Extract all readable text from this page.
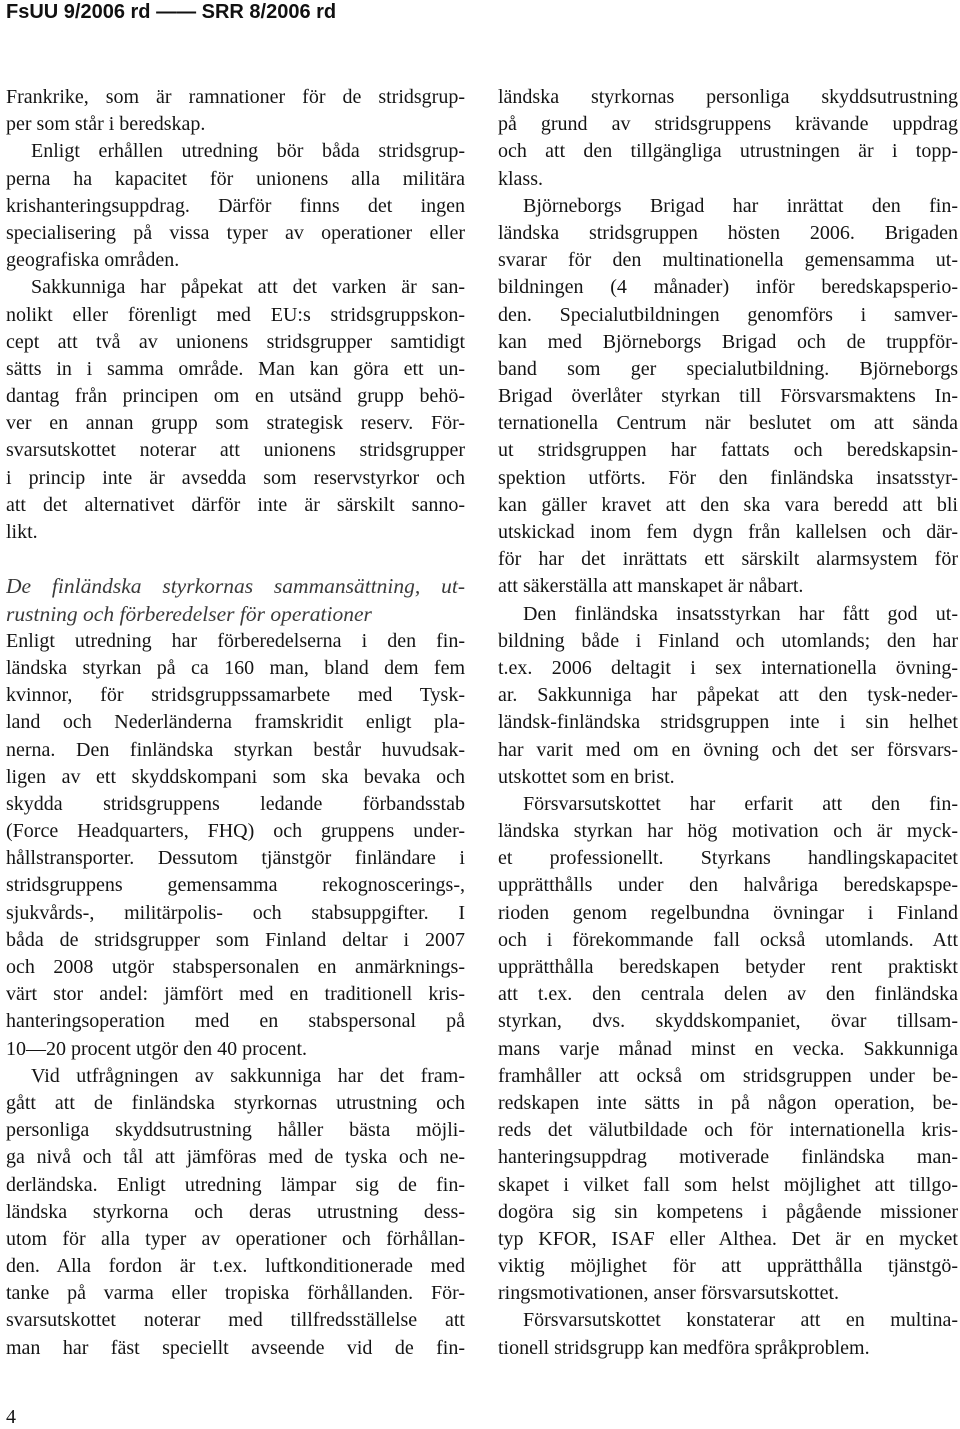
FsUU 9/2006 rd —— SRR 8/2006 rd
Frankrike, som är ramnationer för de stridsgrup-
per som står i beredskap.
Enligt erhållen utredning bör båda stridsgrup-
perna ha kapacitet för unionens alla militära
krishanteringsuppdrag. Därför finns det ingen
specialisering på vissa typer av operationer eller
geografiska områden.
Sakkunniga har påpekat att det varken är san-
nolikt eller förenligt med EU:s stridsgruppskon-
cept att två av unionens stridsgrupper samtidigt
sätts in i samma område. Man kan göra ett un-
dantag från principen om en utsänd grupp behö-
ver en annan grupp som strategisk reserv. För-
svarsutskottet noterar att unionens stridsgrupper
i princip inte är avsedda som reservstyrkor och
att det alternativet därför inte är särskilt sanno-
likt.
De finländska styrkornas sammansättning, ut-
rustning och förberedelser för operationer
Enligt utredning har förberedelserna i den fin-
ländska styrkan på ca 160 man, bland dem fem
kvinnor, för stridsgruppssamarbete med Tysk-
land och Nederländerna framskridit enligt pla-
nerna. Den finländska styrkan består huvudsak-
ligen av ett skyddskompani som ska bevaka och
skydda stridsgruppens ledande förbandsstab
(Force Headquarters, FHQ) och gruppens under-
hållstransporter. Dessutom tjänstgör finländare i
stridsgruppens gemensamma rekognoscerings-,
sjukvårds-, militärpolis- och stabsuppgifter. I
båda de stridsgrupper som Finland deltar i 2007
och 2008 utgör stabspersonalen en anmärknings-
värt stor andel: jämfört med en traditionell kris-
hanteringsoperation med en stabspersonal på
10—20 procent utgör den 40 procent.
Vid utfrågningen av sakkunniga har det fram-
gått att de finländska styrkornas utrustning och
personliga skyddsutrustning håller bästa möjli-
ga nivå och tål att jämföras med de tyska och ne-
derländska. Enligt utredning lämpar sig de fin-
ländska styrkorna och deras utrustning dess-
utom för alla typer av operationer och förhållan-
den. Alla fordon är t.ex. luftkonditionerade med
tanke på varma eller tropiska förhållanden. För-
svarsutskottet noterar med tillfredsställelse att
man har fäst speciellt avseende vid de fin-
ländska styrkornas personliga skyddsutrustning
på grund av stridsgruppens krävande uppdrag
och att den tillgängliga utrustningen är i topp-
klass.
Björneborgs Brigad har inrättat den fin-
ländska stridsgruppen hösten 2006. Brigaden
svarar för den multinationella gemensamma ut-
bildningen (4 månader) inför beredskapsperio-
den. Specialutbildningen genomförs i samver-
kan med Björneborgs Brigad och de truppför-
band som ger specialutbildning. Björneborgs
Brigad överlåter styrkan till Försvarsmaktens In-
ternationella Centrum när beslutet om att sända
ut stridsgruppen har fattats och beredskapsin-
spektion utförts. För den finländska insatsstyr-
kan gäller kravet att den ska vara beredd att bli
utskickad inom fem dygn från kallelsen och där-
för har det inrättats ett särskilt alarmsystem för
att säkerställa att manskapet är nåbart.
Den finländska insatsstyrkan har fått god ut-
bildning både i Finland och utomlands; den har
t.ex. 2006 deltagit i sex internationella övning-
ar. Sakkunniga har påpekat att den tysk-neder-
ländsk-finländska stridsgruppen inte i sin helhet
har varit med om en övning och det ser försvars-
utskottet som en brist.
Försvarsutskottet har erfarit att den fin-
ländska styrkan har hög motivation och är myck-
et professionellt. Styrkans handlingskapacitet
upprätthålls under den halvåriga beredskapspe-
rioden genom regelbundna övningar i Finland
och i förekommande fall också utomlands. Att
upprätthålla beredskapen betyder rent praktiskt
att t.ex. den centrala delen av den finländska
styrkan, dvs. skyddskompaniet, övar tillsam-
mans varje månad minst en vecka. Sakkunniga
framhåller att också om stridsgruppen under be-
redskapen inte sätts in på någon operation, be-
reds det välutbildade och för internationella kris-
hanteringsuppdrag motiverade finländska man-
skapet i vilket fall som helst möjlighet att tillgo-
dogöra sig sin kompetens i pågående missioner
typ KFOR, ISAF eller Althea. Det är en mycket
viktig möjlighet för att upprätthålla tjänstgö-
ringsmotivationen, anser försvarsutskottet.
Försvarsutskottet konstaterar att en multina-
tionell stridsgrupp kan medföra språkproblem.
4
